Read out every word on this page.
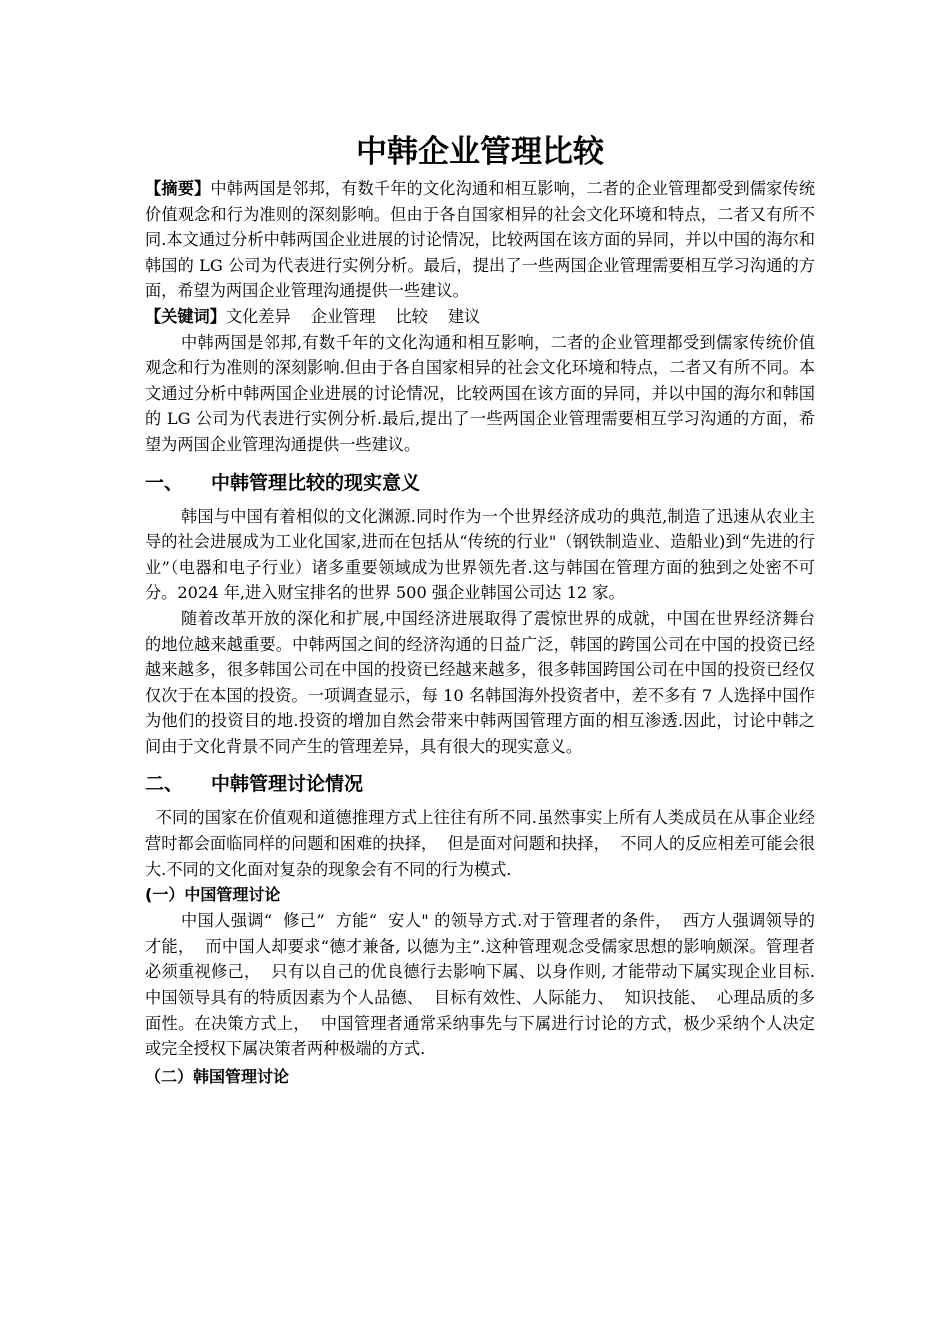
中韩企业管理比较

【摘要】中韩两国是邻邦，有数千年的文化沟通和相互影响，二者的企业管理都受到儒家传统价值观念和行为准则的深刻影响。但由于各自国家相异的社会文化环境和特点，二者又有所不同.本文通过分析中韩两国企业进展的讨论情况，比较两国在该方面的异同，并以中国的海尔和韩国的 LG 公司为代表进行实例分析。最后，提出了一些两国企业管理需要相互学习沟通的方面，希望为两国企业管理沟通提供一些建议。

【关键词】文化差异 企业管理 比较 建议

中韩两国是邻邦,有数千年的文化沟通和相互影响，二者的企业管理都受到儒家传统价值观念和行为准则的深刻影响.但由于各自国家相异的社会文化环境和特点，二者又有所不同。本文通过分析中韩两国企业进展的讨论情况，比较两国在该方面的异同，并以中国的海尔和韩国的 LG 公司为代表进行实例分析.最后,提出了一些两国企业管理需要相互学习沟通的方面，希望为两国企业管理沟通提供一些建议。

一、 中韩管理比较的现实意义

韩国与中国有着相似的文化渊源.同时作为一个世界经济成功的典范,制造了迅速从农业主导的社会进展成为工业化国家,进而在包括从“传统的行业"（钢铁制造业、造船业)到“先进的行业”（电器和电子行业）诸多重要领域成为世界领先者.这与韩国在管理方面的独到之处密不可分。2024 年,进入财宝排名的世界 500 强企业韩国公司达 12 家。

随着改革开放的深化和扩展,中国经济进展取得了震惊世界的成就，中国在世界经济舞台的地位越来越重要。中韩两国之间的经济沟通的日益广泛，韩国的跨国公司在中国的投资已经越来越多，很多韩国公司在中国的投资已经越来越多，很多韩国跨国公司在中国的投资已经仅仅次于在本国的投资。一项调查显示，每 10 名韩国海外投资者中，差不多有 7 人选择中国作为他们的投资目的地.投资的增加自然会带来中韩两国管理方面的相互渗透.因此，讨论中韩之间由于文化背景不同产生的管理差异，具有很大的现实意义。

二、 中韩管理讨论情况

不同的国家在价值观和道德推理方式上往往有所不同.虽然事实上所有人类成员在从事企业经营时都会面临同样的问题和困难的抉择，  但是面对问题和抉择，  不同人的反应相差可能会很大.不同的文化面对复杂的现象会有不同的行为模式.

(一）中国管理讨论

中国人强调“  修己”  方能“  安人" 的领导方式.对于管理者的条件，  西方人强调领导的才能，  而中国人却要求“德才兼备, 以德为主”.这种管理观念受儒家思想的影响颇深。管理者必须重视修己，  只有以自己的优良德行去影响下属、以身作则, 才能带动下属实现企业目标.中国领导具有的特质因素为个人品德、  目标有效性、人际能力、  知识技能、  心理品质的多面性。在决策方式上，  中国管理者通常采纳事先与下属进行讨论的方式，极少采纳个人决定或完全授权下属决策者两种极端的方式.

（二）韩国管理讨论
